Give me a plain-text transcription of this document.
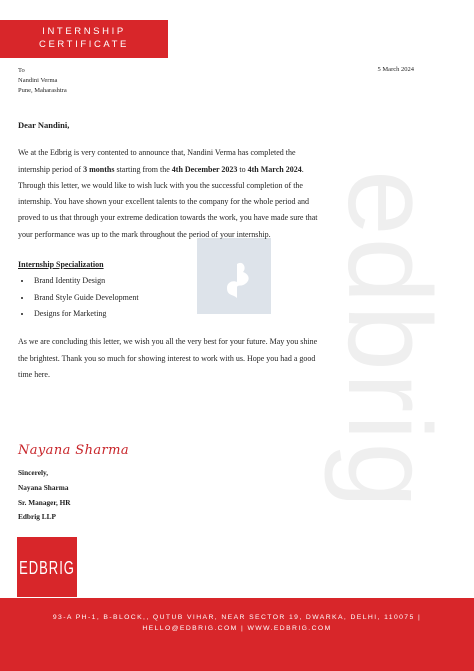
INTERNSHIP
CERTIFICATE
5 March 2024
To
Nandini Verma
Pune, Maharashtra
edbrig

Dear Nandini,

We at the Edbrig is very contented to announce that, Nandini Verma has completed the internship period of 3 months starting from the 4th December 2023 to 4th March 2024.

Through this letter, we would like to wish luck with you the successful completion of the internship. You have shown your excellent talents to the company for the whole period and proved to us that through your extreme dedication towards the work, you have made sure that your performance was up to the mark throughout the period of your internship.

Internship Specialization

• Brand Identity Design
• Brand Style Guide Development
• Designs for Marketing

As we are concluding this letter, we wish you all the very best for your future. May you shine the brightest. Thank you so much for showing interest to work with us. Hope you had a good time here.

Nayana Sharma
Sincerely,
Nayana Sharma
Sr. Manager, HR
Edbrig LLP
EDBRIG
93-A PH-1, B-BLOCK,, QUTUB VIHAR, NEAR SECTOR 19, DWARKA, DELHI, 110075 |
HELLO@EDBRIG.COM | WWW.EDBRIG.COM
